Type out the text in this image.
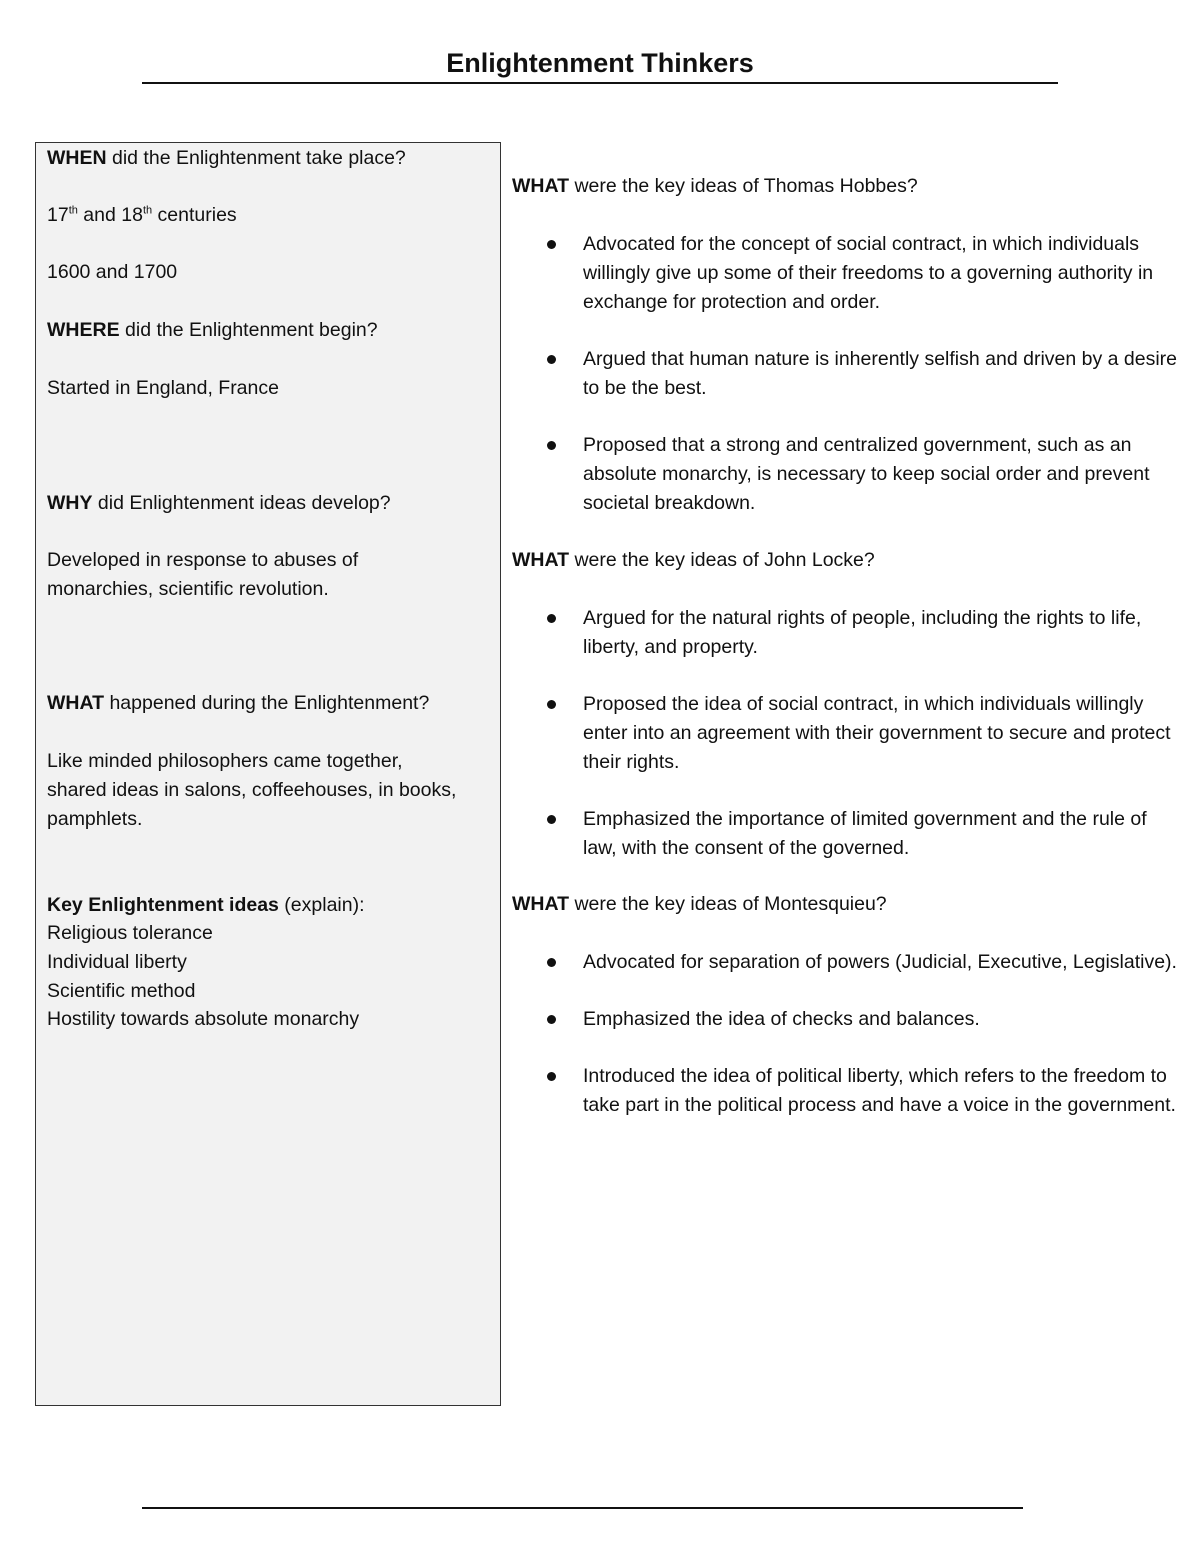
Enlightenment Thinkers

WHEN did the Enlightenment take place?

17th and 18th centuries

1600 and 1700

WHERE did the Enlightenment begin?

Started in England, France

WHY did Enlightenment ideas develop?

Developed in response to abuses of

monarchies, scientific revolution.

WHAT happened during the Enlightenment?

Like minded philosophers came together,

shared ideas in salons, coffeehouses, in books,

pamphlets.

Key Enlightenment ideas (explain):

Religious tolerance

Individual liberty

Scientific method

Hostility towards absolute monarchy

WHAT were the key ideas of Thomas Hobbes?

Advocated for the concept of social contract, in which individuals willingly give up some of their freedoms to a governing authority in exchange for protection and order.
Argued that human nature is inherently selfish and driven by a desire to be the best.
Proposed that a strong and centralized government, such as an absolute monarchy, is necessary to keep social order and prevent societal breakdown.

WHAT were the key ideas of John Locke?

Argued for the natural rights of people, including the rights to life, liberty, and property.
Proposed the idea of social contract, in which individuals willingly enter into an agreement with their government to secure and protect their rights.
Emphasized the importance of limited government and the rule of law, with the consent of the governed.

WHAT were the key ideas of Montesquieu?

Advocated for separation of powers (Judicial, Executive, Legislative).
Emphasized the idea of checks and balances.
Introduced the idea of political liberty, which refers to the freedom to take part in the political process and have a voice in the government.
